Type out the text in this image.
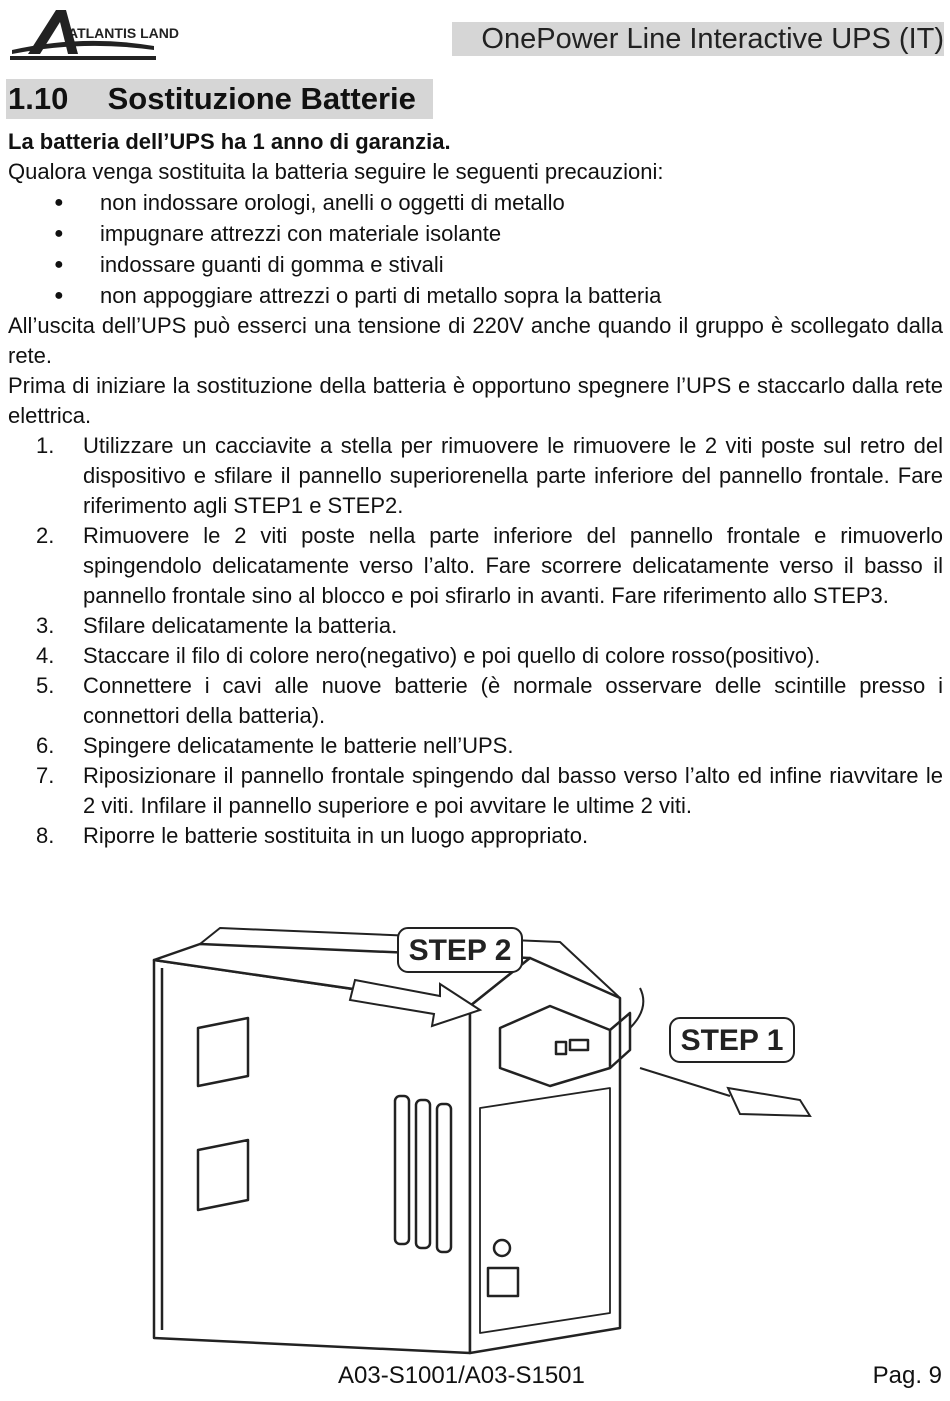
ATLANTIS LAND	OnePower Line Interactive UPS (IT)
1.10 Sostituzione Batterie

La batteria dell’UPS ha 1 anno di garanzia.

Qualora venga sostituita la batteria seguire le seguenti precauzioni:

● non indossare orologi, anelli o oggetti di metallo
● impugnare attrezzi con materiale isolante
● indossare guanti di gomma e stivali
● non appoggiare attrezzi o parti di metallo sopra la batteria

All’uscita dell’UPS può esserci una tensione di 220V anche quando il gruppo è scollegato dalla rete.

Prima di iniziare la sostituzione della batteria è opportuno spegnere l’UPS e staccarlo dalla rete elettrica.

1. Utilizzare un cacciavite a stella per rimuovere le rimuovere le 2 viti poste sul retro del dispositivo e sfilare il pannello superiorenella parte inferiore del pannello frontale. Fare riferimento agli STEP1 e STEP2.
2. Rimuovere le 2 viti poste nella parte inferiore del pannello frontale e rimuoverlo spingendolo delicatamente verso l’alto. Fare scorrere delicatamente verso il basso il pannello frontale sino al blocco e poi sfirarlo in avanti. Fare riferimento allo STEP3.
3. Sfilare delicatamente la batteria.
4. Staccare il filo di colore nero(negativo) e poi quello di colore rosso(positivo).
5. Connettere i cavi alle nuove batterie (è normale osservare delle scintille presso i connettori della batteria).
6. Spingere delicatamente le batterie nell’UPS.
7. Riposizionare il pannello frontale spingendo dal basso verso l’alto ed infine riavvitare le 2 viti. Infilare il pannello superiore e poi avvitare le ultime 2 viti.
8. Riporre le batterie sostituita in un luogo appropriato.
STEP 2
STEP 1
A03-S1001/A03-S1501	Pag. 9
